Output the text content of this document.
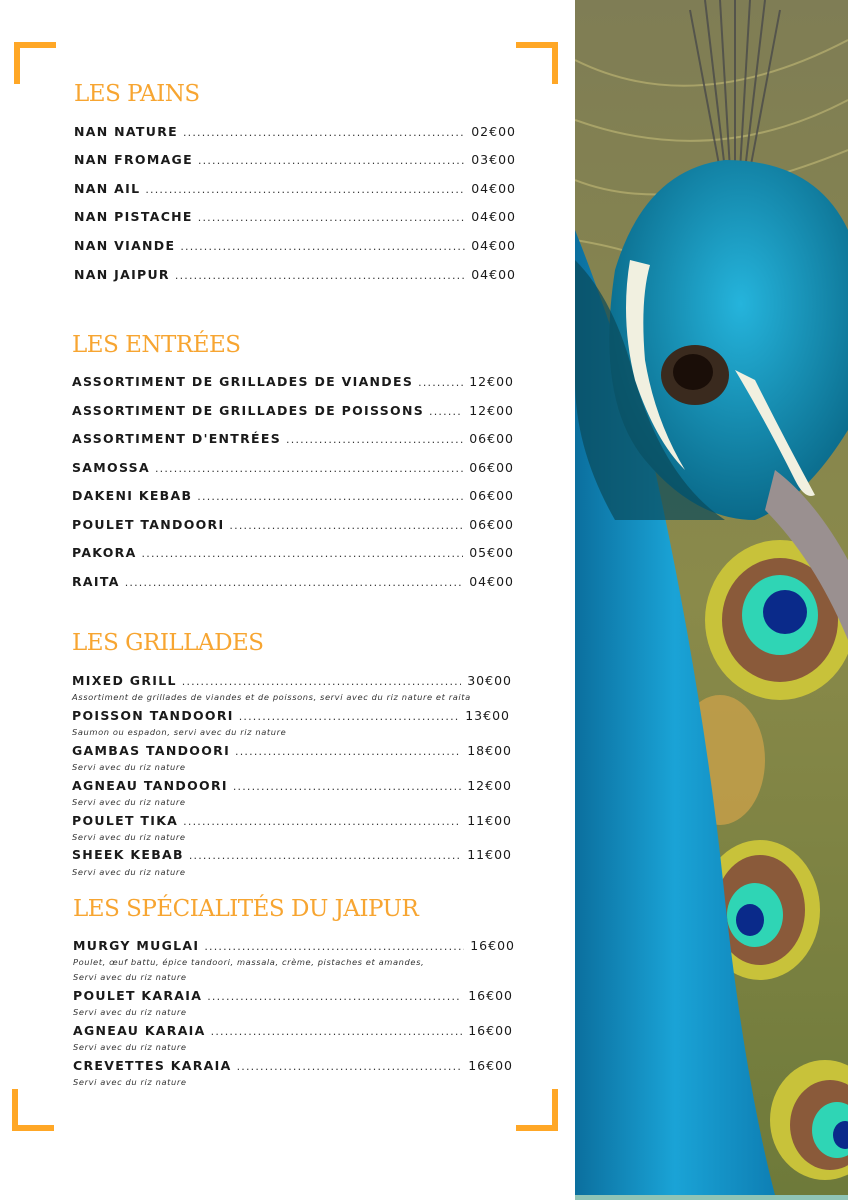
LES PAINS
NAN NATURE .....	02€00
NAN FROMAGE .....	03€00
NAN AIL .....	04€00
NAN PISTACHE .....	04€00
NAN VIANDE .....	04€00
NAN JAIPUR .....	04€00
LES ENTRÉES
ASSORTIMENT DE GRILLADES DE VIANDES .....	12€00
ASSORTIMENT DE GRILLADES DE POISSONS .....	12€00
ASSORTIMENT D'ENTRÉES .....	06€00
SAMOSSA .....	06€00
DAKENI KEBAB .....	06€00
POULET TANDOORI .....	06€00
PAKORA .....	05€00
RAITA .....	04€00
LES GRILLADES
MIXED GRILL .....	30€00
Assortiment de grillades de viandes et de poissons, servi avec du riz nature et raita
POISSON TANDOORI .....	13€00
Saumon ou espadon, servi avec du riz nature
GAMBAS TANDOORI .....	18€00
Servi avec du riz nature
AGNEAU TANDOORI .....	12€00
Servi avec du riz nature
POULET TIKA .....	11€00
Servi avec du riz nature
SHEEK KEBAB .....	11€00
Servi avec du riz nature
LES SPÉCIALITÉS DU JAIPUR
MURGY MUGLAI .....	16€00
Poulet, œuf battu, épice tandoori, massala, crème, pistaches et amandes,
Servi avec du riz nature
POULET KARAIA .....	16€00
Servi avec du riz nature
AGNEAU KARAIA .....	16€00
Servi avec du riz nature
CREVETTES KARAIA .....	16€00
Servi avec du riz nature
